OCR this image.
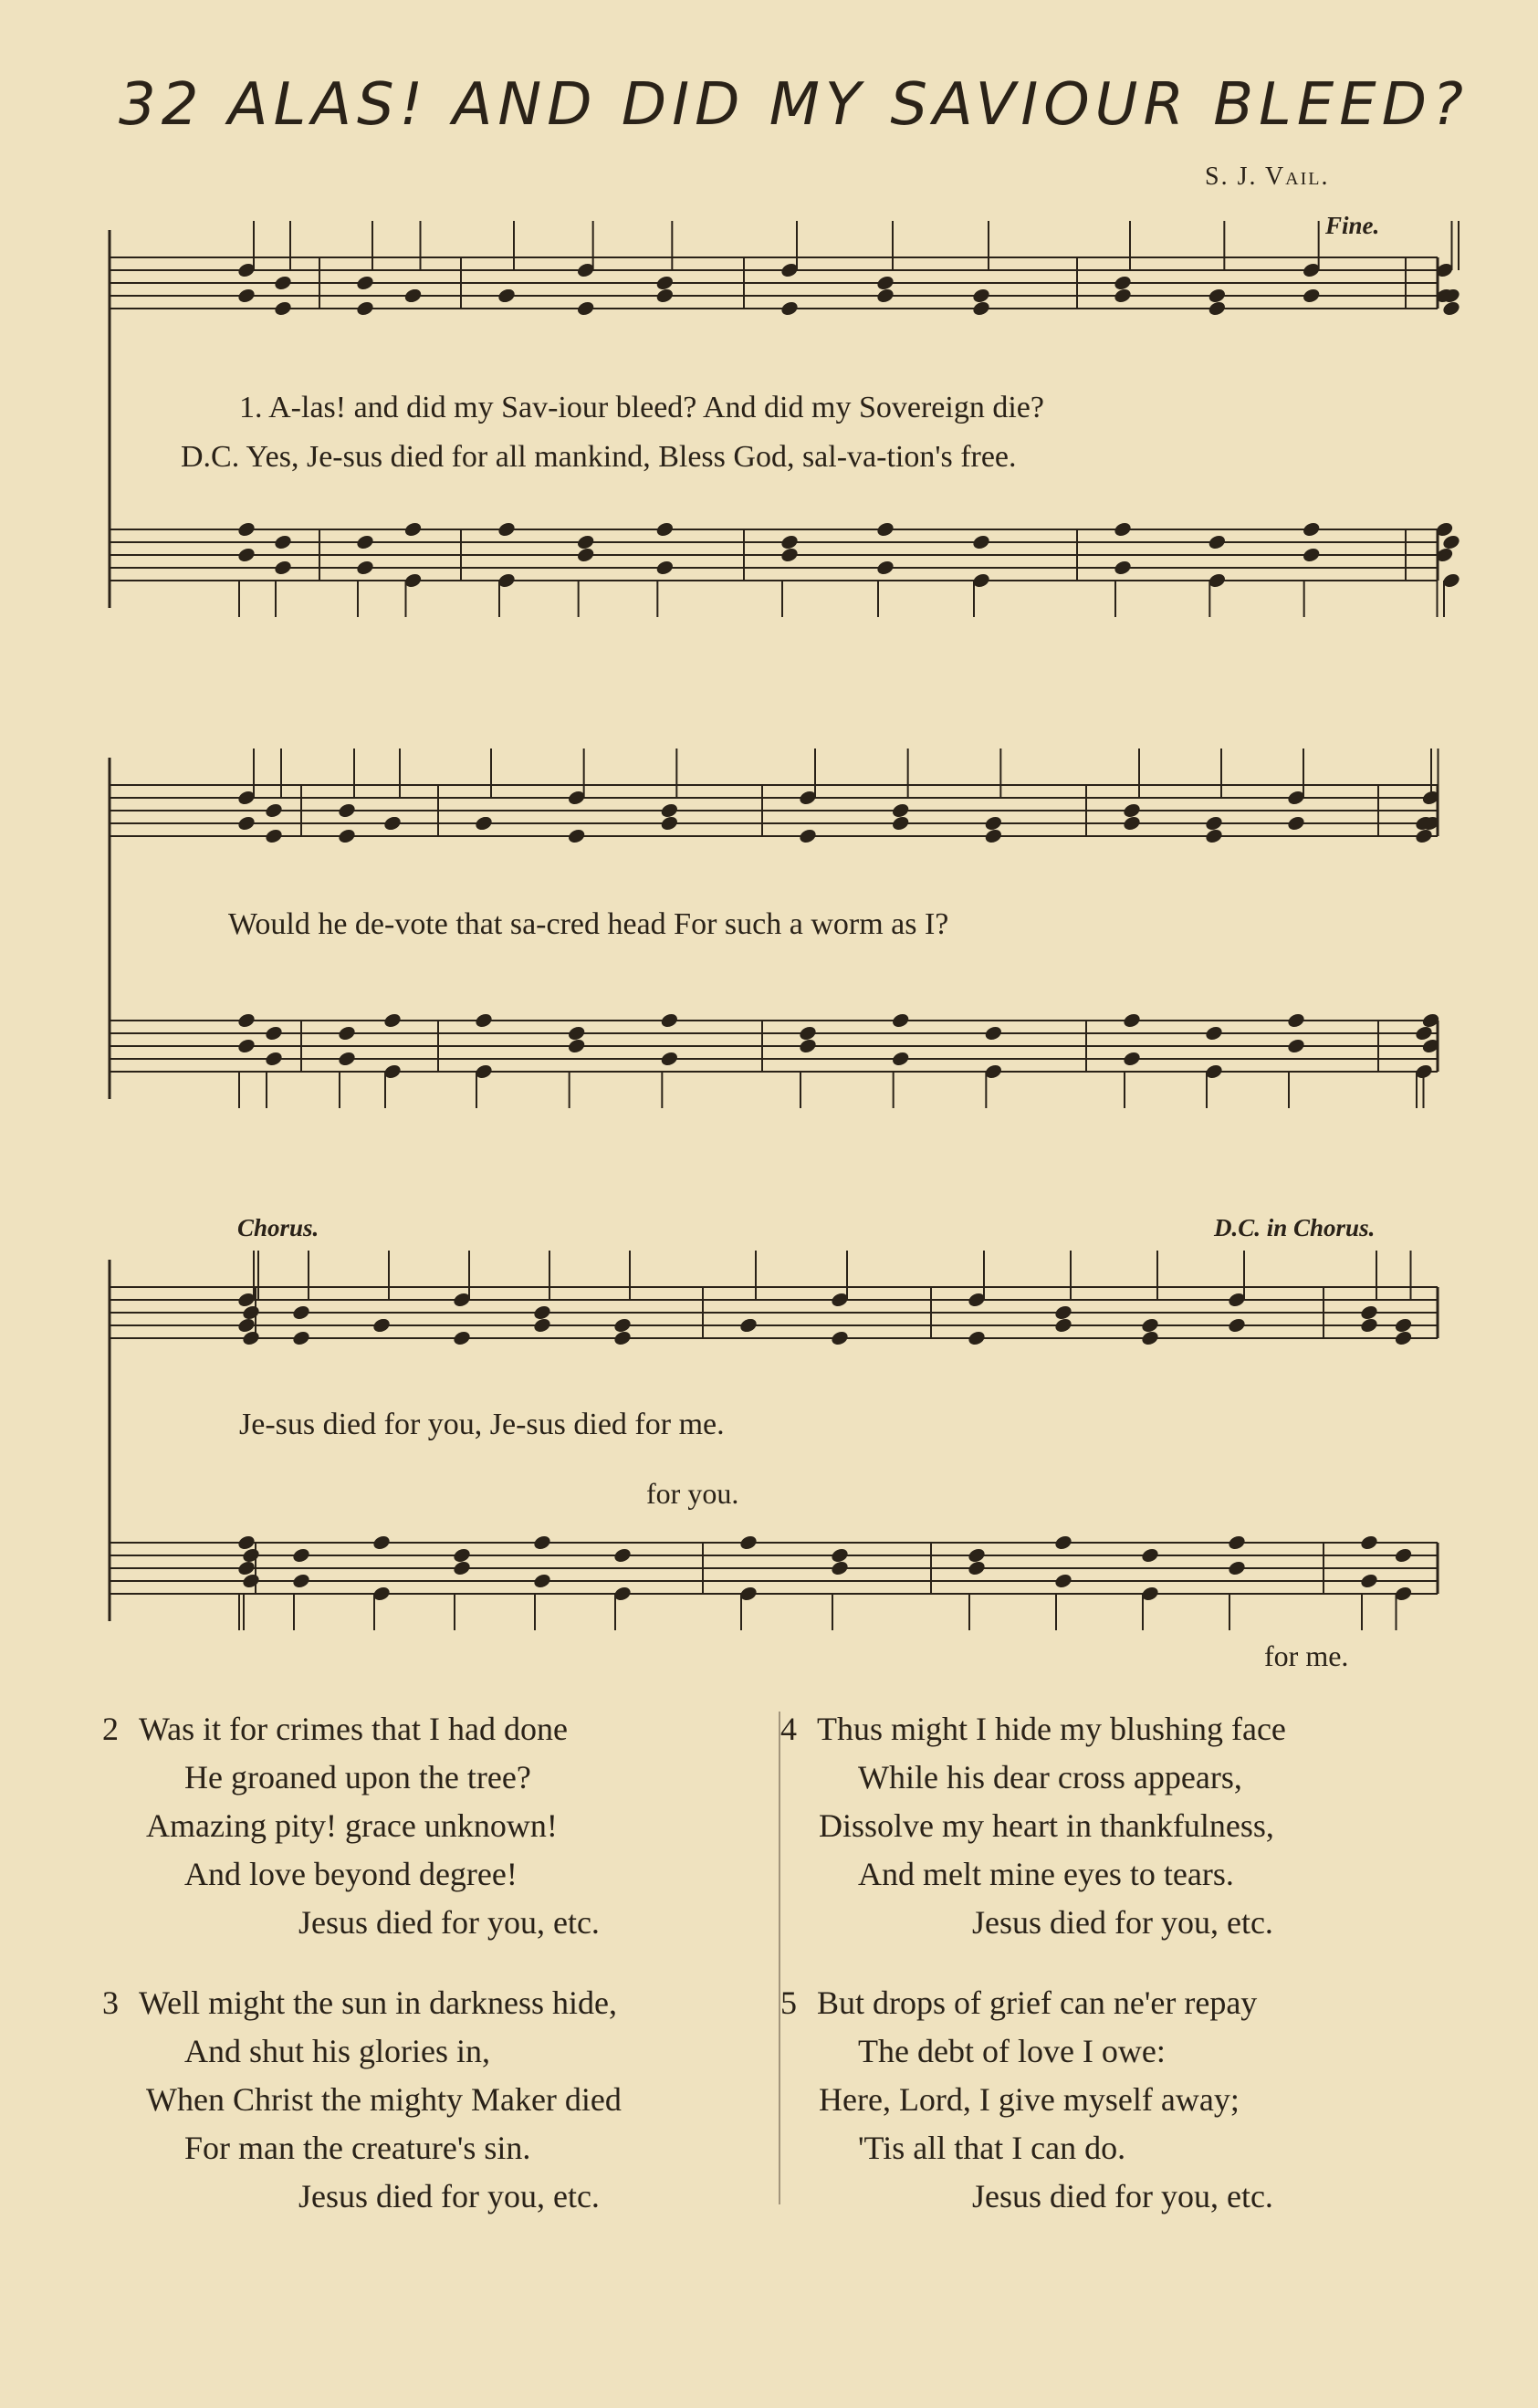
32 ALAS! AND DID MY SAVIOUR BLEED?
S. J. Vail.
Fine.
Chorus.	D.C. in Chorus.
1. A-las! and did my Sav-iour bleed? And did my Sovereign die?
D.C. Yes, Je-sus died for all mankind, Bless God, sal-va-tion's free.
Would he de-vote that sa-cred head For such a worm as I?
Je-sus died for you, Je-sus died for me.
for you.
for me.
2 Was it for crimes that I had done
He groaned upon the tree?
Amazing pity! grace unknown!
And love beyond degree!
Jesus died for you, etc.
3 Well might the sun in darkness hide,
And shut his glories in,
When Christ the mighty Maker died
For man the creature's sin.
Jesus died for you, etc.
4 Thus might I hide my blushing face
While his dear cross appears,
Dissolve my heart in thankfulness,
And melt mine eyes to tears.
Jesus died for you, etc.
5 But drops of grief can ne'er repay
The debt of love I owe:
Here, Lord, I give myself away;
'Tis all that I can do.
Jesus died for you, etc.
